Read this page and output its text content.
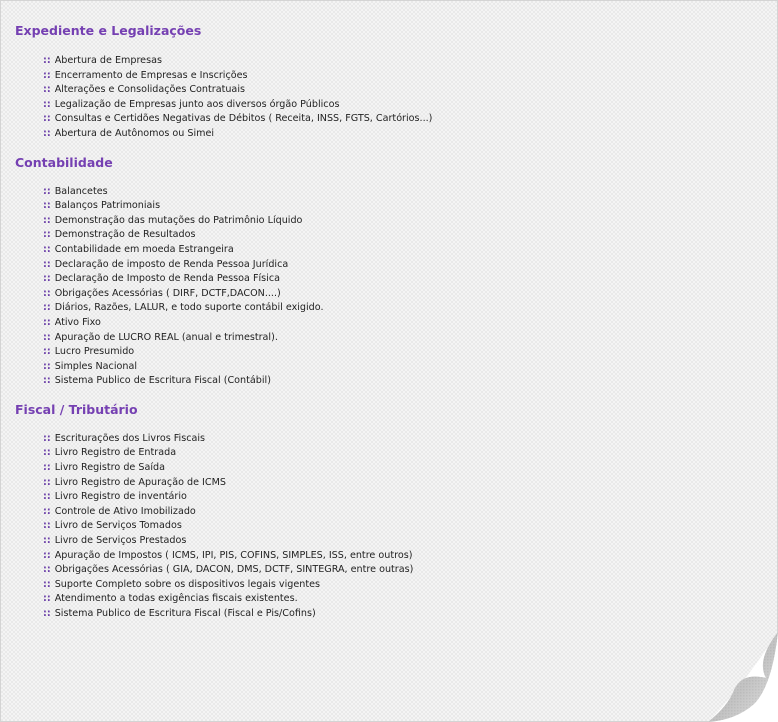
Expediente e Legalizações
:: Abertura de Empresas
:: Encerramento de Empresas e Inscrições
:: Alterações e Consolidações Contratuais
:: Legalização de Empresas junto aos diversos órgão Públicos
:: Consultas e Certidões Negativas de Débitos ( Receita, INSS, FGTS, Cartórios...)
:: Abertura de Autônomos ou Simei
Contabilidade
:: Balancetes
:: Balanços Patrimoniais
:: Demonstração das mutações do Patrimônio Líquido
:: Demonstração de Resultados
:: Contabilidade em moeda Estrangeira
:: Declaração de imposto de Renda Pessoa Jurídica
:: Declaração de Imposto de Renda Pessoa Física
:: Obrigações Acessórias ( DIRF, DCTF,DACON....)
:: Diários, Razões, LALUR, e todo suporte contábil exigido.
:: Ativo Fixo
:: Apuração de LUCRO REAL (anual e trimestral).
:: Lucro Presumido
:: Simples Nacional
:: Sistema Publico de Escritura Fiscal (Contábil)
Fiscal / Tributário
:: Escriturações dos Livros Fiscais
:: Livro Registro de Entrada
:: Livro Registro de Saída
:: Livro Registro de Apuração de ICMS
:: Livro Registro de inventário
:: Controle de Ativo Imobilizado
:: Livro de Serviços Tomados
:: Livro de Serviços Prestados
:: Apuração de Impostos ( ICMS, IPI, PIS, COFINS, SIMPLES, ISS, entre outros)
:: Obrigações Acessórias ( GIA, DACON, DMS, DCTF, SINTEGRA, entre outras)
:: Suporte Completo sobre os dispositivos legais vigentes
:: Atendimento a todas exigências fiscais existentes.
:: Sistema Publico de Escritura Fiscal (Fiscal e Pis/Cofins)
